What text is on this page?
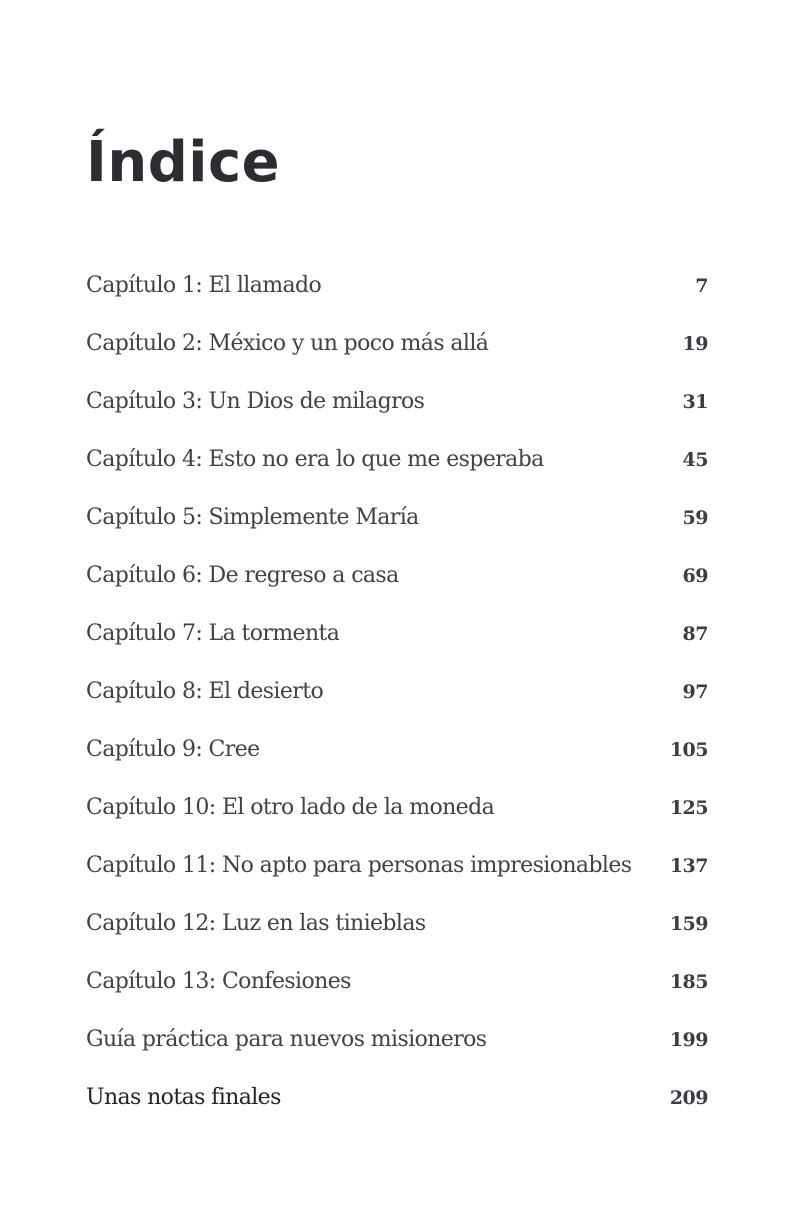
Índice
Capítulo 1: El llamado	7
Capítulo 2: México y un poco más allá	19
Capítulo 3: Un Dios de milagros	31
Capítulo 4: Esto no era lo que me esperaba	45
Capítulo 5: Simplemente María	59
Capítulo 6: De regreso a casa	69
Capítulo 7: La tormenta	87
Capítulo 8: El desierto	97
Capítulo 9: Cree	105
Capítulo 10: El otro lado de la moneda	125
Capítulo 11: No apto para personas impresionables 137
Capítulo 12: Luz en las tinieblas	159
Capítulo 13: Confesiones	185
Guía práctica para nuevos misioneros	199
Unas notas finales	209
